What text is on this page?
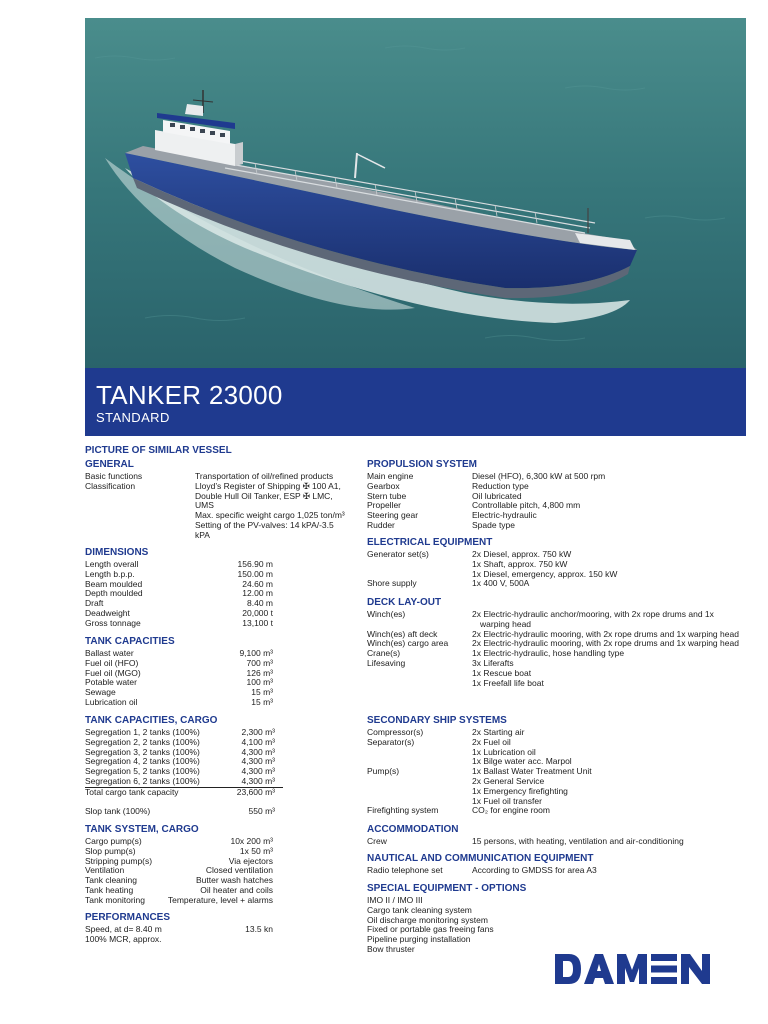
TANKER 23000
STANDARD
PICTURE OF SIMILAR VESSEL
GENERAL
Basic functions	Transportation of oil/refined products
Classification	Lloyd’s Register of Shipping ✠ 100 A1, Double Hull Oil Tanker, ESP ✠ LMC, UMS
Max. specific weight cargo 1,025 ton/m³
Setting of the PV-valves: 14 kPA/-3.5 kPA
DIMENSIONS
Length overall	156.90 m
Length b.p.p.	150.00 m
Beam moulded	24.60 m
Depth moulded	12.00 m
Draft	8.40 m
Deadweight	20,000 t
Gross tonnage	13,100 t
TANK CAPACITIES
Ballast water	9,100 m³
Fuel oil (HFO)	700 m³
Fuel oil (MGO)	126 m³
Potable water	100 m³
Sewage	15 m³
Lubrication oil	15 m³
TANK CAPACITIES, CARGO
Segregation 1, 2 tanks (100%)	2,300 m³
Segregation 2, 2 tanks (100%)	4,100 m³
Segregation 3, 2 tanks (100%)	4,300 m³
Segregation 4, 2 tanks (100%)	4,300 m³
Segregation 5, 2 tanks (100%)	4,300 m³
Segregation 6, 2 tanks (100%)	4,300 m³
Total cargo tank capacity	23,600 m³
Slop tank (100%)	550 m³
TANK SYSTEM, CARGO
Cargo pump(s)	10x 200 m³
Slop pump(s)	1x 50 m³
Stripping pump(s)	Via ejectors
Ventilation	Closed ventilation
Tank cleaning	Butter wash hatches
Tank heating	Oil heater and coils
Tank monitoring	Temperature, level + alarms
PERFORMANCES
Speed, at d= 8.40 m	13.5 kn
100% MCR, approx.
PROPULSION SYSTEM
Main engine	Diesel (HFO), 6,300 kW at 500 rpm
Gearbox	Reduction type
Stern tube	Oil lubricated
Propeller	Controllable pitch, 4,800 mm
Steering gear	Electric-hydraulic
Rudder	Spade type
ELECTRICAL EQUIPMENT
Generator set(s)	2x Diesel, approx. 750 kW
1x Shaft, approx. 750 kW
1x Diesel, emergency, approx. 150 kW
Shore supply	1x 400 V, 500A
DECK LAY-OUT
Winch(es)	2x Electric-hydraulic anchor/mooring, with 2x rope drums and 1x warping head
Winch(es) aft deck	2x Electric-hydraulic mooring, with 2x rope drums and 1x warping head
Winch(es) cargo area	2x Electric-hydraulic mooring, with 2x rope drums and 1x warping head
Crane(s)	1x Electric-hydraulic, hose handling type
Lifesaving	3x Liferafts
1x Rescue boat
1x Freefall life boat
SECONDARY SHIP SYSTEMS
Compressor(s)	2x Starting air
Separator(s)	2x Fuel oil
1x Lubrication oil
1x Bilge water acc. Marpol
Pump(s)	1x Ballast Water Treatment Unit
2x General Service
1x Emergency firefighting
1x Fuel oil transfer
Firefighting system	CO₂ for engine room
ACCOMMODATION
Crew	15 persons, with heating, ventilation and air-conditioning
NAUTICAL AND COMMUNICATION EQUIPMENT
Radio telephone set	According to GMDSS for area A3
SPECIAL EQUIPMENT - OPTIONS
IMO II / IMO III
Cargo tank cleaning system
Oil discharge monitoring system
Fixed or portable gas freeing fans
Pipeline purging installation
Bow thruster
